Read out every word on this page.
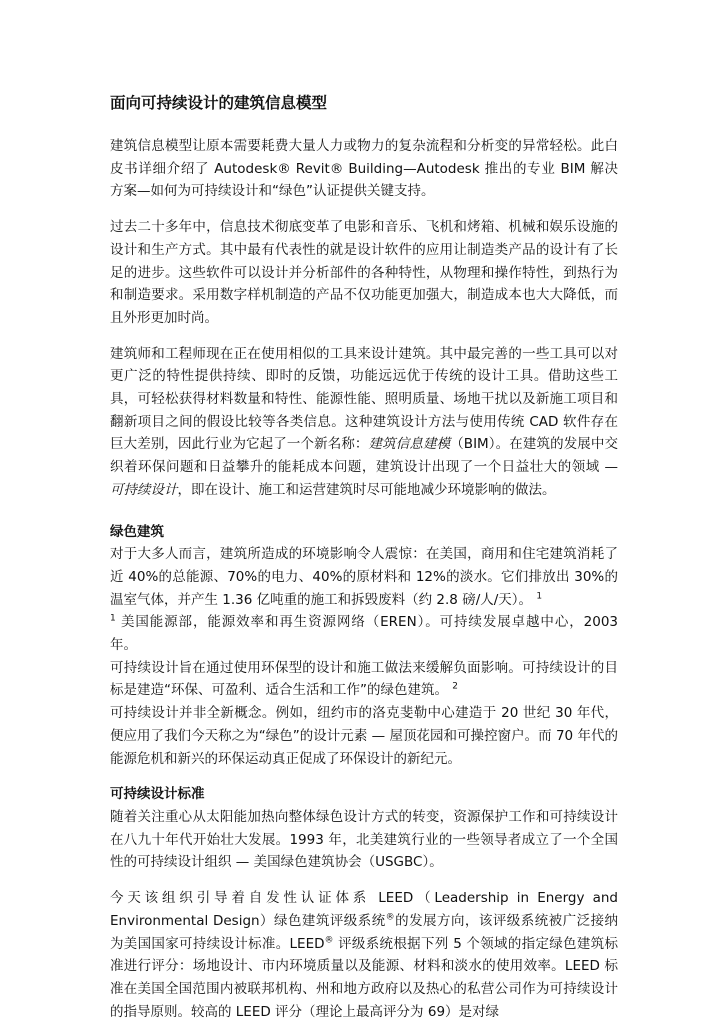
面向可持续设计的建筑信息模型

建筑信息模型让原本需要耗费大量人力或物力的复杂流程和分析变的异常轻松。此白皮书详细介绍了 Autodesk® Revit® Building—Autodesk 推出的专业 BIM 解决方案—如何为可持续设计和“绿色”认证提供关键支持。

过去二十多年中，信息技术彻底变革了电影和音乐、飞机和烤箱、机械和娱乐设施的设计和生产方式。其中最有代表性的就是设计软件的应用让制造类产品的设计有了长足的进步。这些软件可以设计并分析部件的各种特性，从物理和操作特性，到热行为和制造要求。采用数字样机制造的产品不仅功能更加强大，制造成本也大大降低，而且外形更加时尚。

建筑师和工程师现在正在使用相似的工具来设计建筑。其中最完善的一些工具可以对更广泛的特性提供持续、即时的反馈，功能远远优于传统的设计工具。借助这些工具，可轻松获得材料数量和特性、能源性能、照明质量、场地干扰以及新施工项目和翻新项目之间的假设比较等各类信息。这种建筑设计方法与使用传统 CAD 软件存在巨大差别，因此行业为它起了一个新名称：建筑信息建模（BIM）。在建筑的发展中交织着环保问题和日益攀升的能耗成本问题，建筑设计出现了一个日益壮大的领域 — 可持续设计，即在设计、施工和运营建筑时尽可能地减少环境影响的做法。

绿色建筑

对于大多人而言，建筑所造成的环境影响令人震惊：在美国，商用和住宅建筑消耗了近 40%的总能源、70%的电力、40%的原材料和 12%的淡水。它们排放出 30%的温室气体，并产生 1.36 亿吨重的施工和拆毁废料（约 2.8 磅/人/天）。 $^1$

$^1$ 美国能源部，能源效率和再生资源网络（EREN）。可持续发展卓越中心，2003 年。

可持续设计旨在通过使用环保型的设计和施工做法来缓解负面影响。可持续设计的目标是建造“环保、可盈利、适合生活和工作”的绿色建筑。 $^2$

可持续设计并非全新概念。例如，纽约市的洛克斐勒中心建造于 20 世纪 30 年代，便应用了我们今天称之为“绿色”的设计元素 — 屋顶花园和可操控窗户。而 70 年代的能源危机和新兴的环保运动真正促成了环保设计的新纪元。

可持续设计标准

随着关注重心从太阳能加热向整体绿色设计方式的转变，资源保护工作和可持续设计在八九十年代开始壮大发展。1993 年，北美建筑行业的一些领导者成立了一个全国性的可持续设计组织 — 美国绿色建筑协会（USGBC）。

今天该组织引导着自发性认证体系 LEED（Leadership in Energy and Environmental Design）绿色建筑评级系统®的发展方向，该评级系统被广泛接纳为美国国家可持续设计标准。LEED® 评级系统根据下列 5 个领域的指定绿色建筑标准进行评分：场地设计、市内环境质量以及能源、材料和淡水的使用效率。LEED 标准在美国全国范围内被联邦机构、州和地方政府以及热心的私营公司作为可持续设计的指导原则。较高的 LEED 评分（理论上最高评分为 69）是对绿
